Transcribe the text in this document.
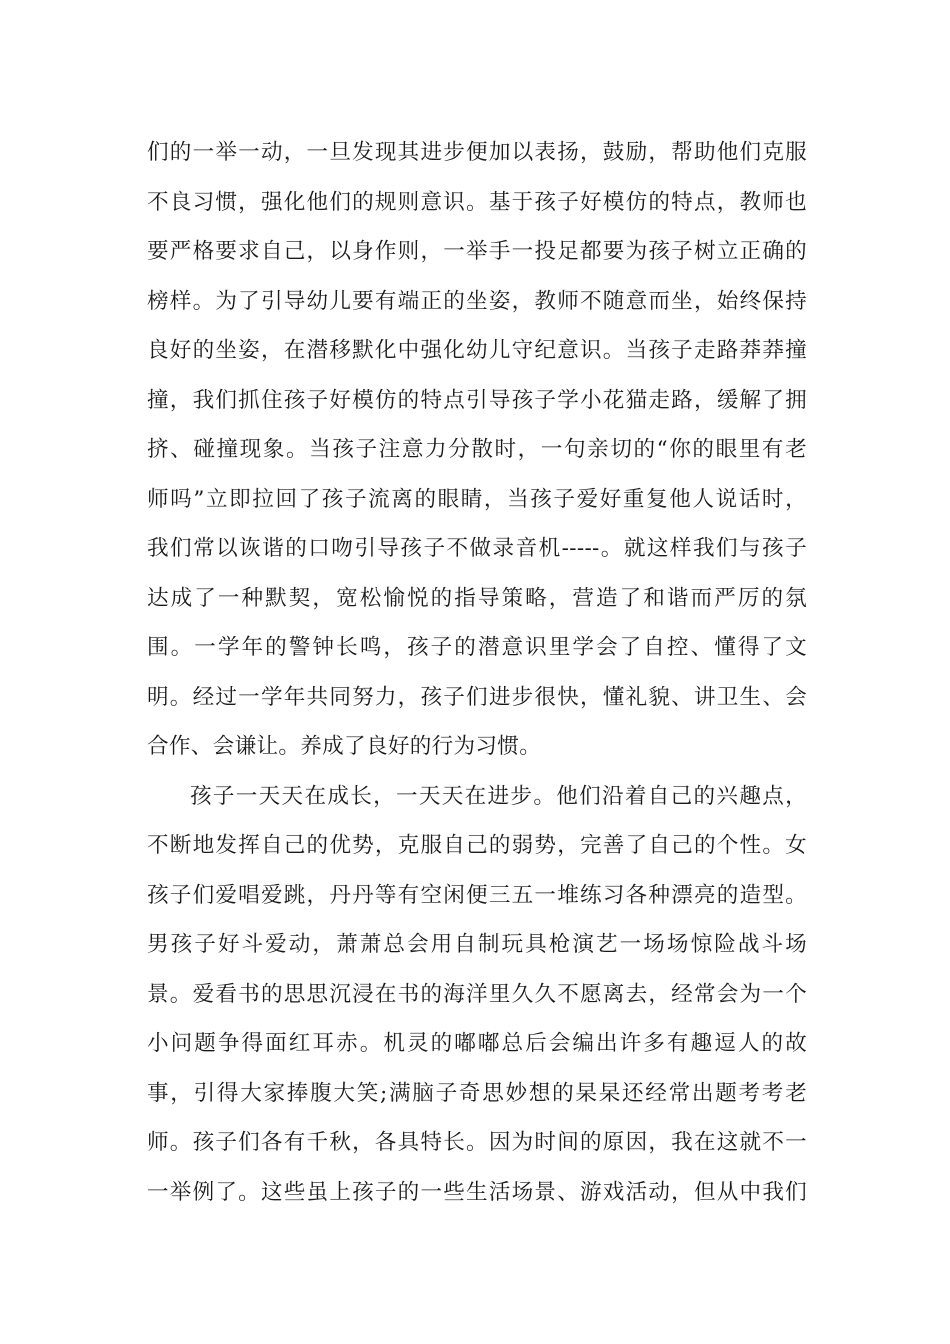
们的一举一动，一旦发现其进步便加以表扬，鼓励，帮助他们克服
不良习惯，强化他们的规则意识。基于孩子好模仿的特点，教师也
要严格要求自己，以身作则，一举手一投足都要为孩子树立正确的
榜样。为了引导幼儿要有端正的坐姿，教师不随意而坐，始终保持
良好的坐姿，在潜移默化中强化幼儿守纪意识。当孩子走路莽莽撞
撞，我们抓住孩子好模仿的特点引导孩子学小花猫走路，缓解了拥
挤、碰撞现象。当孩子注意力分散时，一句亲切的“你的眼里有老
师吗”立即拉回了孩子流离的眼睛，当孩子爱好重复他人说话时，
我们常以诙谐的口吻引导孩子不做录音机-----。就这样我们与孩子
达成了一种默契，宽松愉悦的指导策略，营造了和谐而严厉的氛
围。一学年的警钟长鸣，孩子的潜意识里学会了自控、懂得了文
明。经过一学年共同努力，孩子们进步很快，懂礼貌、讲卫生、会
合作、会谦让。养成了良好的行为习惯。
孩子一天天在成长，一天天在进步。他们沿着自己的兴趣点，
不断地发挥自己的优势，克服自己的弱势，完善了自己的个性。女
孩子们爱唱爱跳，丹丹等有空闲便三五一堆练习各种漂亮的造型。
男孩子好斗爱动，萧萧总会用自制玩具枪演艺一场场惊险战斗场
景。爱看书的思思沉浸在书的海洋里久久不愿离去，经常会为一个
小问题争得面红耳赤。机灵的嘟嘟总后会编出许多有趣逗人的故
事，引得大家捧腹大笑;满脑子奇思妙想的杲杲还经常出题考考老
师。孩子们各有千秋，各具特长。因为时间的原因，我在这就不一
一举例了。这些虽上孩子的一些生活场景、游戏活动，但从中我们
